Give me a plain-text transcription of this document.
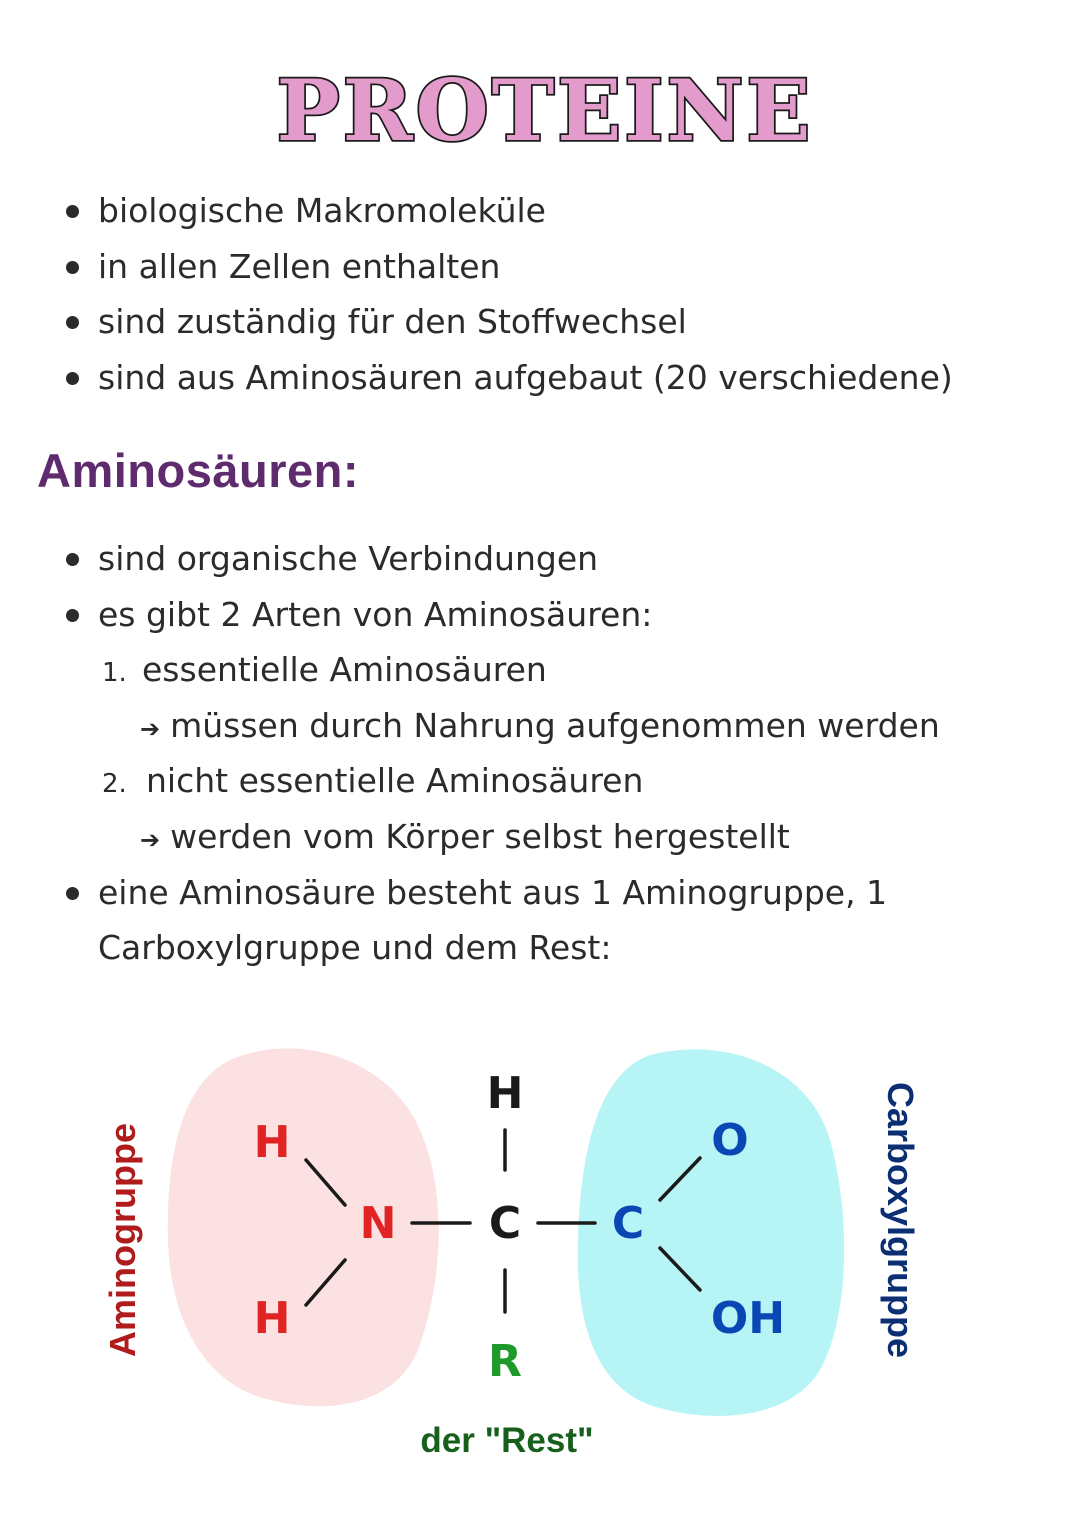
PROTEINE
biologische Makromoleküle
in allen Zellen enthalten
sind zuständig für den Stoffwechsel
sind aus Aminosäuren aufgebaut (20 verschiedene)
Aminosäuren:
sind organische Verbindungen
es gibt 2 Arten von Aminosäuren:
1. essentielle Aminosäuren
➔ müssen durch Nahrung aufgenommen werden
2. nicht essentielle Aminosäuren
➔ werden vom Körper selbst hergestellt
eine Aminosäure besteht aus 1 Aminogruppe, 1
Carboxylgruppe und dem Rest:
H
H
N
H
C
R
C
O
OH
Aminogruppe	Carboxylgruppe
der "Rest"
